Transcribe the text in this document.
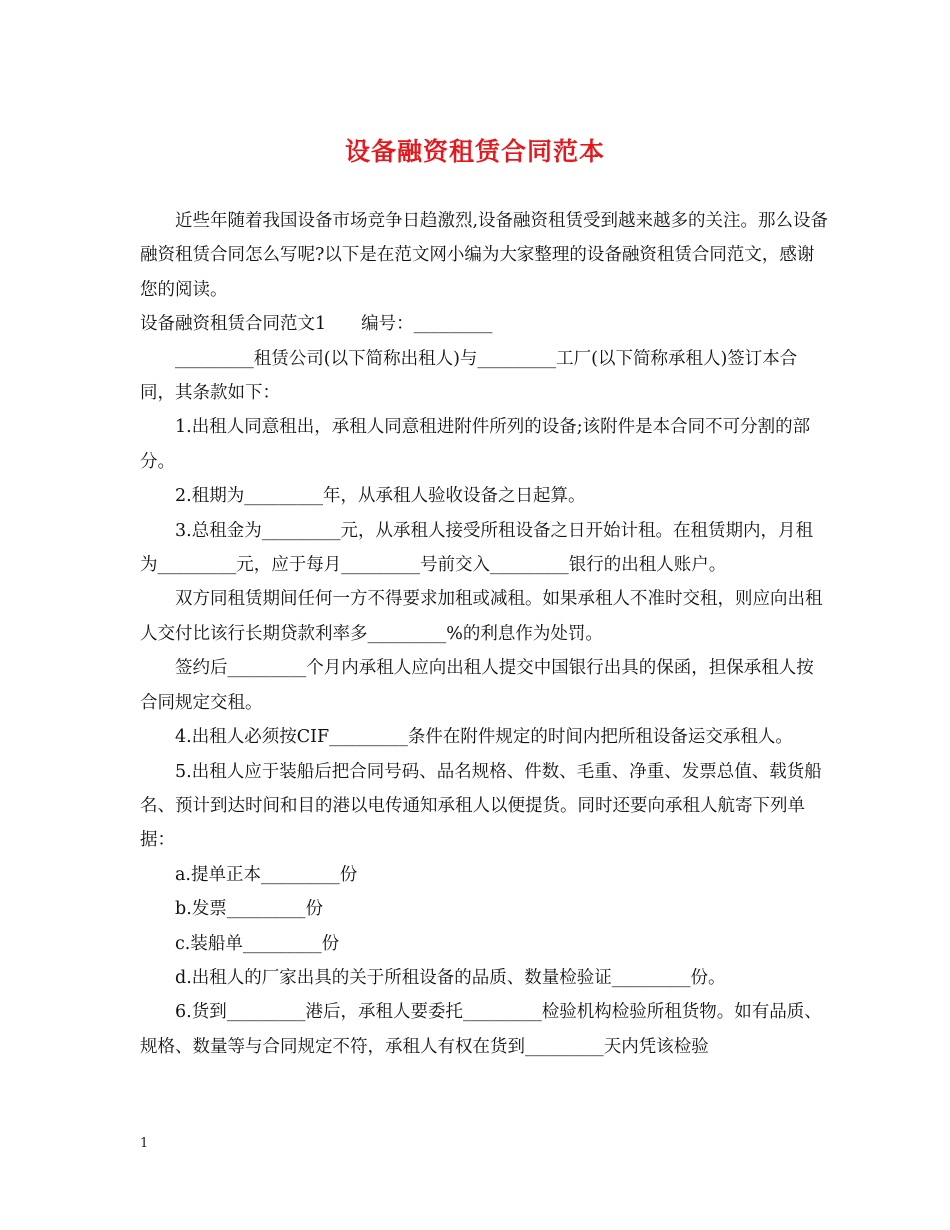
设备融资租赁合同范本

近些年随着我国设备市场竞争日趋激烈,设备融资租赁受到越来越多的关注。那么设备融资租赁合同怎么写呢?以下是在范文网小编为大家整理的设备融资租赁合同范文，感谢您的阅读。

设备融资租赁合同范文1　　编号：_________

_________租赁公司(以下简称出租人)与_________工厂(以下简称承租人)签订本合同，其条款如下：

1.出租人同意租出，承租人同意租进附件所列的设备;该附件是本合同不可分割的部分。

2.租期为_________年，从承租人验收设备之日起算。

3.总租金为_________元，从承租人接受所租设备之日开始计租。在租赁期内，月租为_________元，应于每月_________号前交入_________银行的出租人账户。

双方同租赁期间任何一方不得要求加租或减租。如果承租人不准时交租，则应向出租人交付比该行长期贷款利率多_________%的利息作为处罚。

签约后_________个月内承租人应向出租人提交中国银行出具的保函，担保承租人按合同规定交租。

4.出租人必须按CIF_________条件在附件规定的时间内把所租设备运交承租人。

5.出租人应于装船后把合同号码、品名规格、件数、毛重、净重、发票总值、载货船名、预计到达时间和目的港以电传通知承租人以便提货。同时还要向承租人航寄下列单据：

a.提单正本_________份

b.发票_________份

c.装船单_________份

d.出租人的厂家出具的关于所租设备的品质、数量检验证_________份。

6.货到_________港后，承租人要委托_________检验机构检验所租货物。如有品质、规格、数量等与合同规定不符，承租人有权在货到_________天内凭该检验

1
